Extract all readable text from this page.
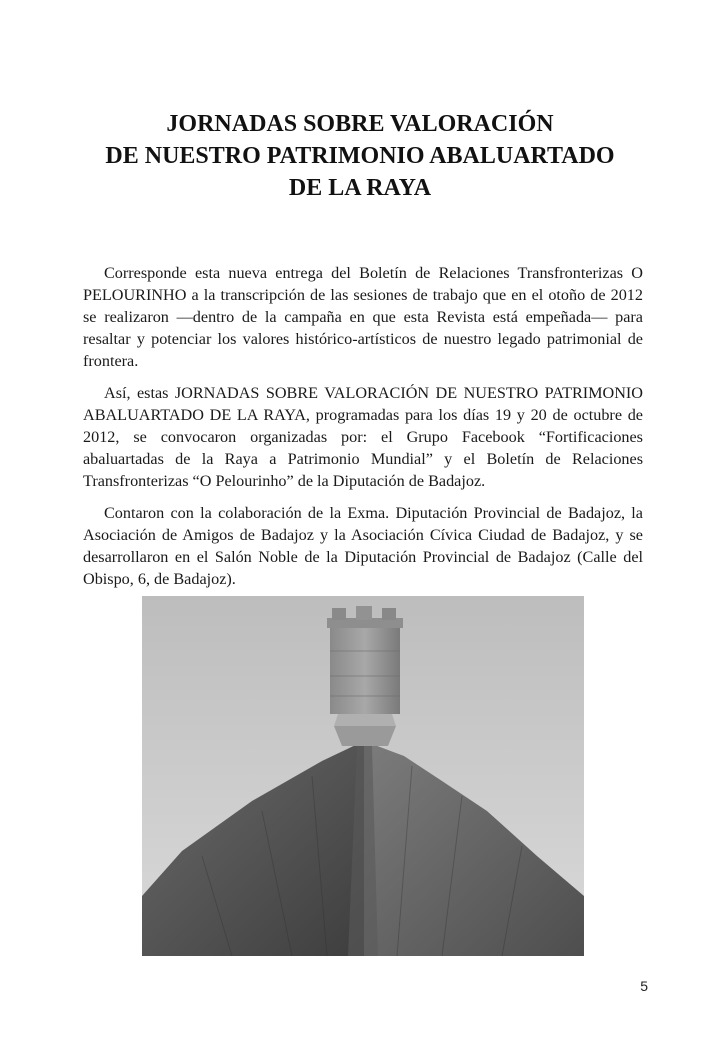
JORNADAS SOBRE VALORACIÓN
DE NUESTRO PATRIMONIO ABALUARTADO
DE LA RAYA

Corresponde esta nueva entrega del Boletín de Relaciones Transfronterizas O PELOURINHO a la transcripción de las sesiones de trabajo que en el otoño de 2012 se realizaron —dentro de la campaña en que esta Revista está empeñada— para resaltar y potenciar los valores histórico-artísticos de nuestro legado patrimonial de frontera.

Así, estas JORNADAS SOBRE VALORACIÓN DE NUESTRO PATRIMONIO ABALUARTADO DE LA RAYA, programadas para los días 19 y 20 de octubre de 2012, se convocaron organizadas por: el Grupo Facebook “Fortificaciones abaluartadas de la Raya a Patrimonio Mundial” y el Boletín de Relaciones Transfronterizas “O Pelourinho” de la Diputación de Badajoz.

Contaron con la colaboración de la Exma. Diputación Provincial de Badajoz, la Asociación de Amigos de Badajoz y la Asociación Cívica Ciudad de Badajoz, y se desarrollaron en el Salón Noble de la Diputación Provincial de Badajoz (Calle del Obispo, 6, de Badajoz).

5
